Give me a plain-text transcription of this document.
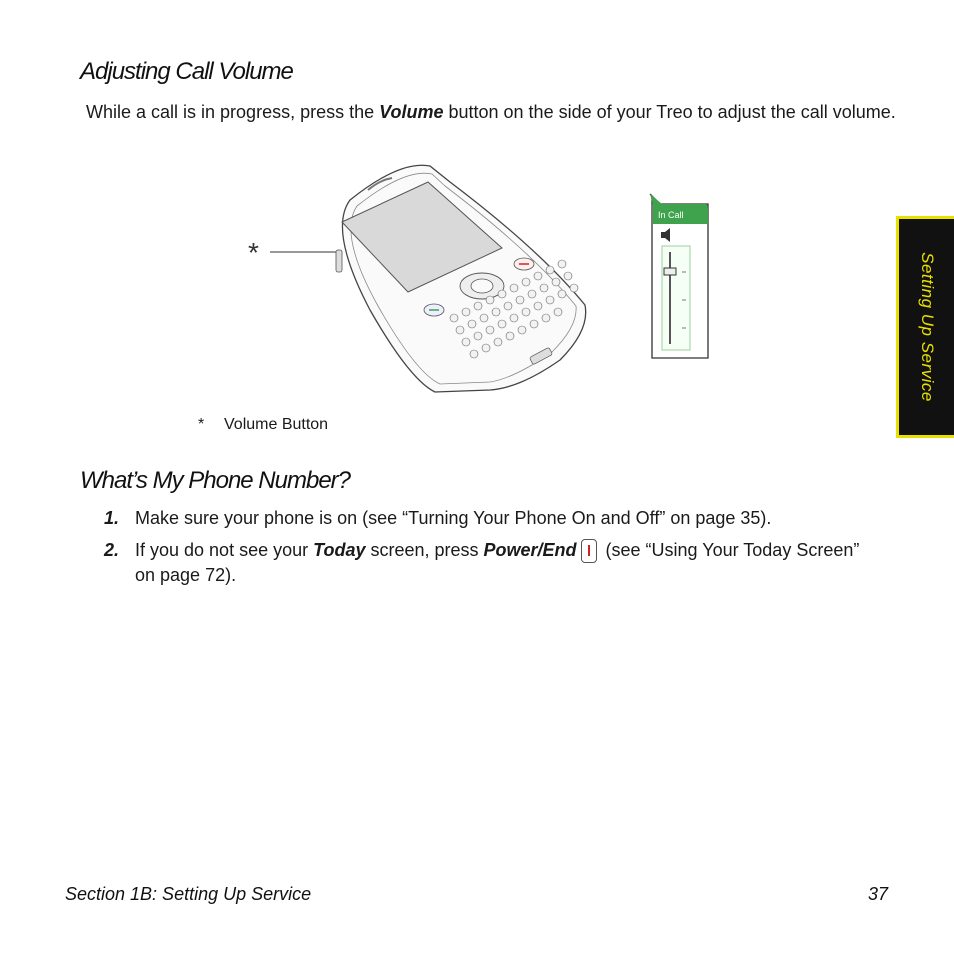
Adjusting Call Volume

While a call is in progress, press the Volume button on the side of your Treo to adjust the call volume.

*
In Call
* Volume Button
What’s My Phone Number?
1. Make sure your phone is on (see “Turning Your Phone On and Off” on page 35).
2. If you do not see your Today screen, press Power/End (see “Using Your Today Screen” on page 72).
Setting Up Service
Section 1B: Setting Up Service	37
